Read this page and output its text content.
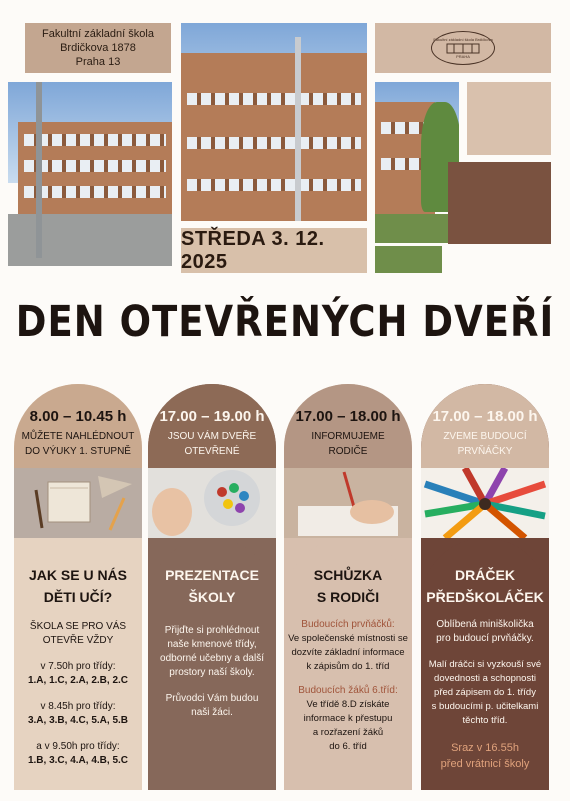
Fakultní základní škola
Brdičkova 1878
Praha 13
Fakultní základní škola Brdičkova
PRAHA
STŘEDA 3. 12. 2025
DEN OTEVŘENÝCH DVEŘÍ
8.00 – 10.45 h
MŮŽETE NAHLÉDNOUT
DO VÝUKY 1. STUPNĚ
JAK SE U NÁS
DĚTI UČÍ?
ŠKOLA SE PRO VÁS
OTEVŘE VŽDY
v 7.50h pro třídy:
1.A, 1.C, 2.A, 2.B, 2.C
v 8.45h pro třídy:
3.A, 3.B, 4.C, 5.A, 5.B
a v 9.50h pro třídy:
1.B, 3.C, 4.A, 4.B, 5.C
17.00 – 19.00 h
JSOU VÁM DVEŘE
OTEVŘENÉ
PREZENTACE
ŠKOLY
Přijďte si prohlédnout
naše kmenové třídy,
odborné učebny a další
prostory naší školy.
Průvodci Vám budou
naši žáci.
17.00 – 18.00 h
INFORMUJEME
RODIČE
SCHŮZKA
S RODIČI
Budoucích prvňáčků:
Ve společenské místnosti se
dozvíte základní informace
k zápisům do 1. tříd
Budoucích žáků 6.tříd:
Ve třídě 8.D získáte
informace k přestupu
a rozřazení žáků
do 6. tříd
17.00 – 18.00 h
ZVEME BUDOUCÍ
PRVŇÁČKY
DRÁČEK
PŘEDŠKOLÁČEK
Oblíbená miniškolička
pro budoucí prvňáčky.
Malí dráčci si vyzkouší své
dovednosti a schopnosti
před zápisem do 1. třídy
s budoucími p. učitelkami
těchto tříd.
Sraz v 16.55h
před vrátnicí školy
